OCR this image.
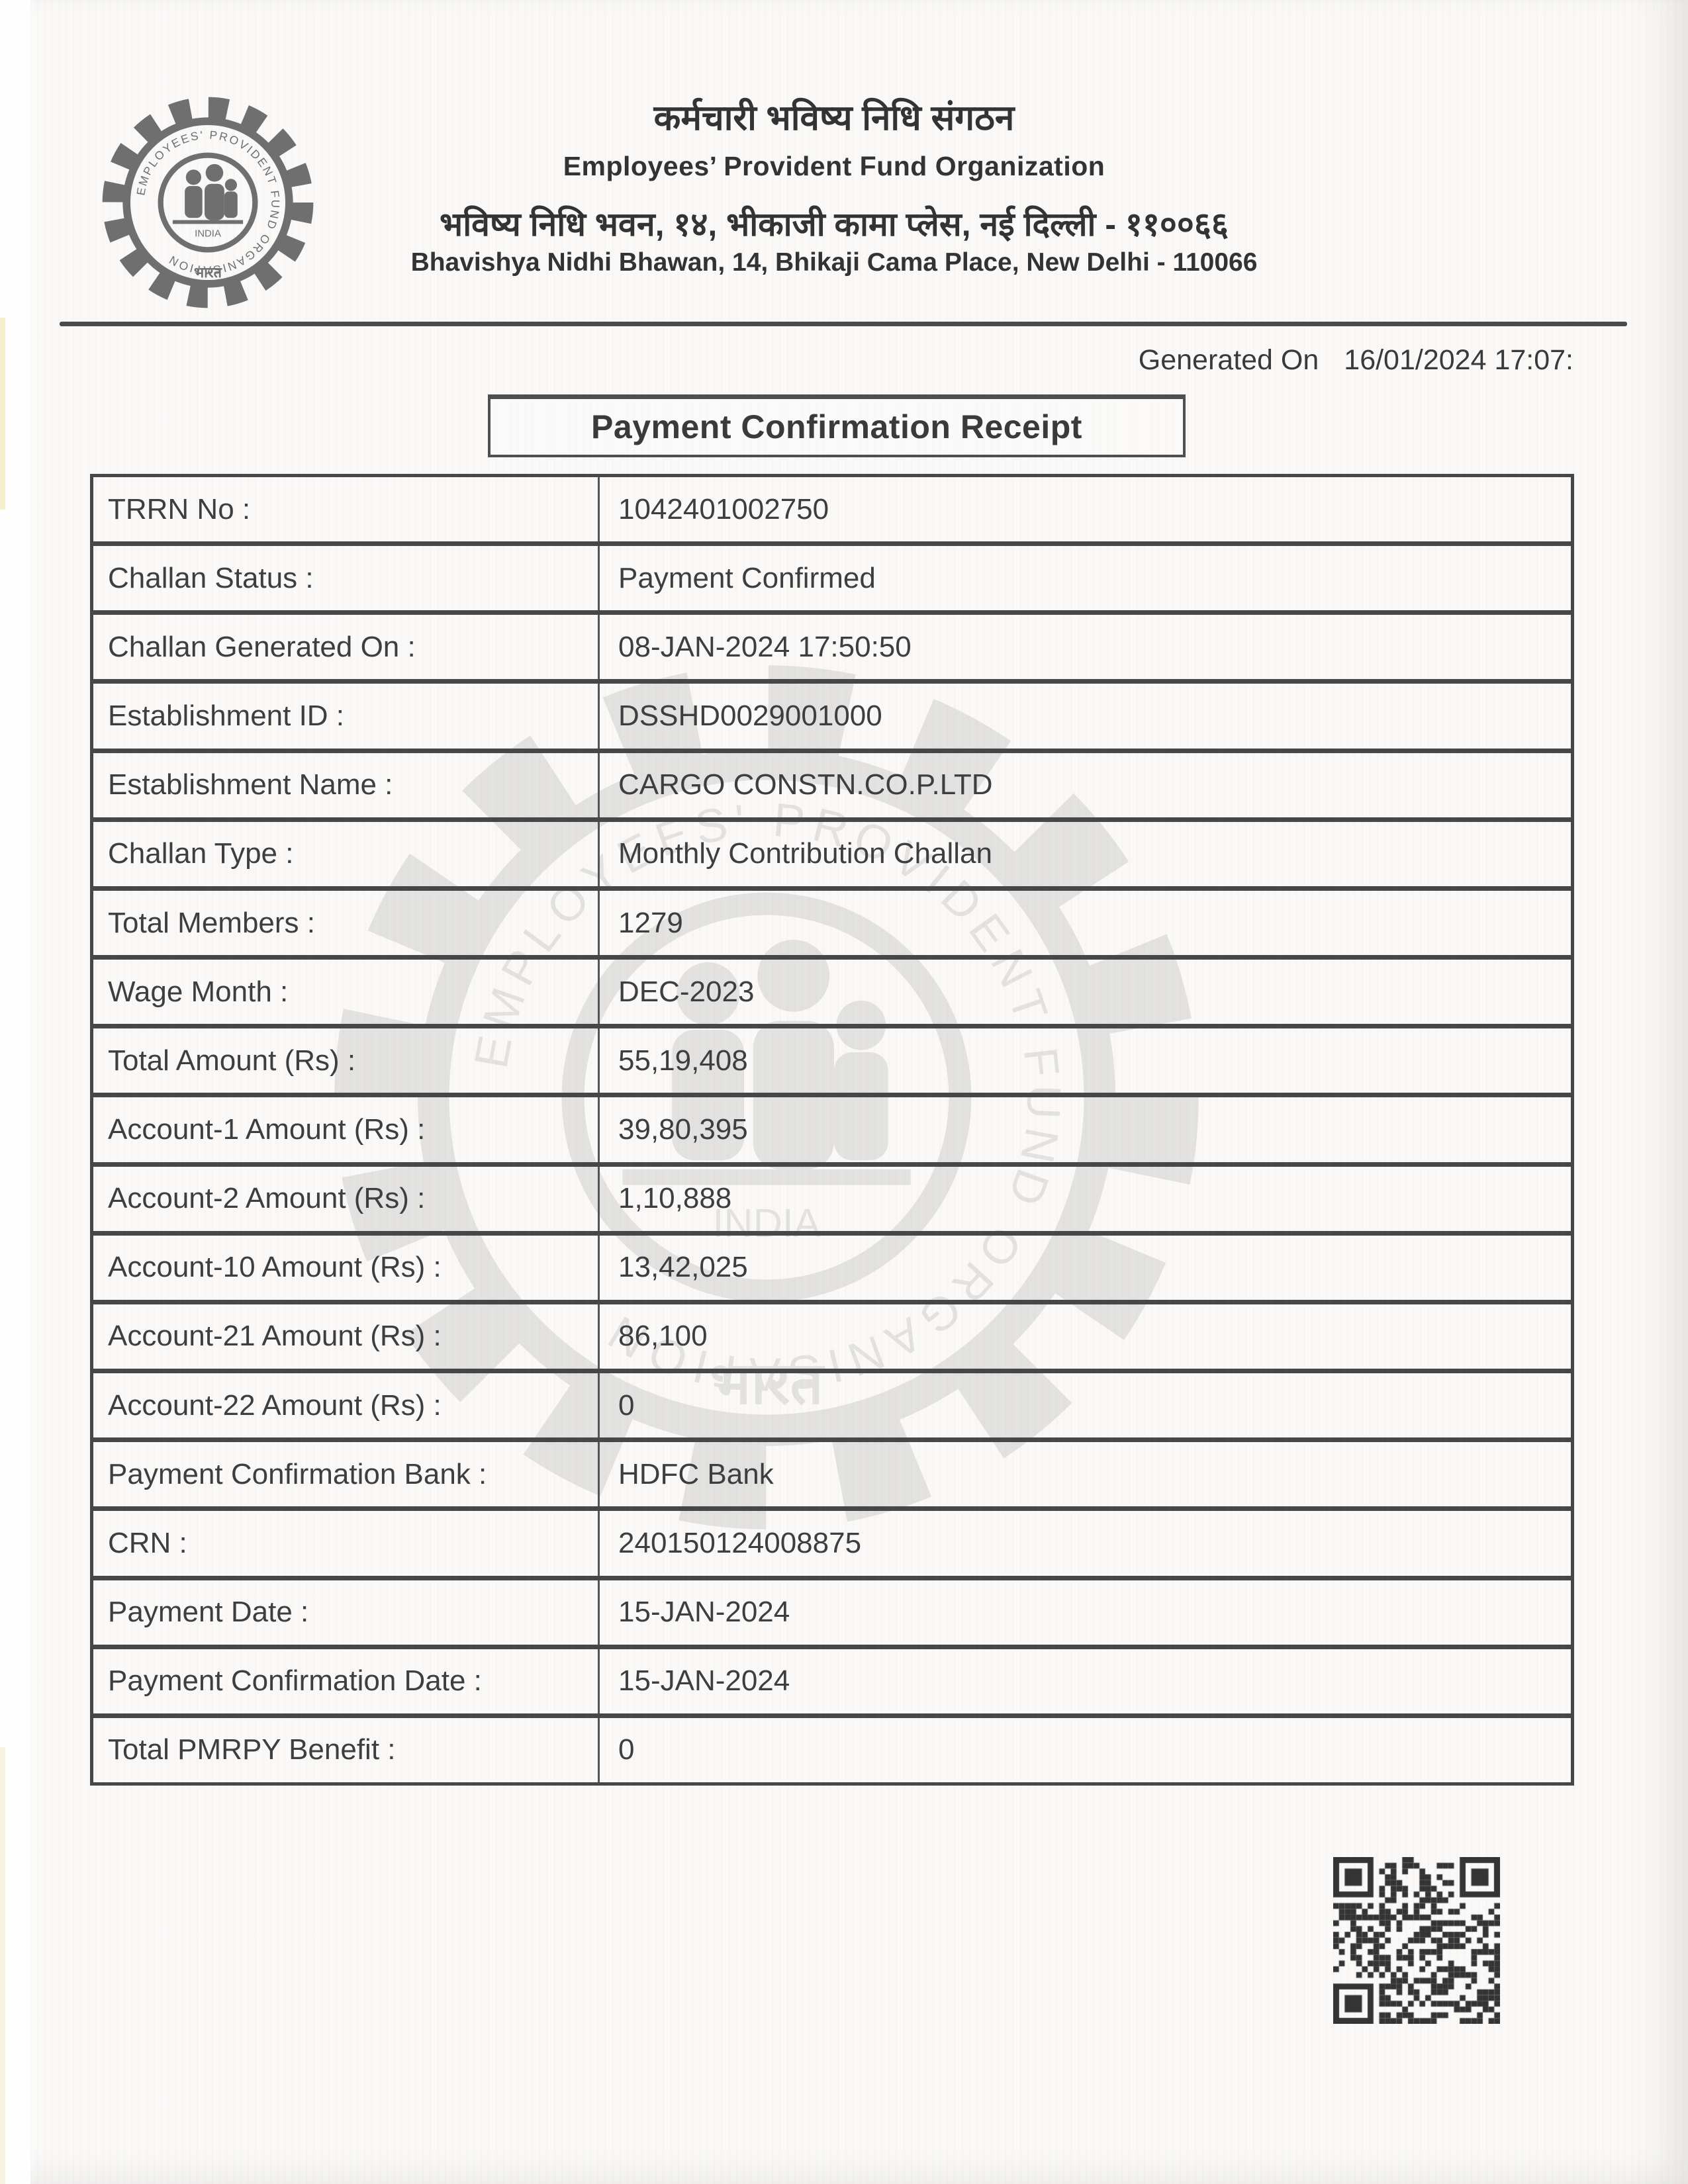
कर्मचारी भविष्य निधि संगठन
Employees’ Provident Fund Organization
भविष्य निधि भवन, १४, भीकाजी कामा प्लेस, नई दिल्ली - ११००६६
Bhavishya Nidhi Bhawan, 14, Bhikaji Cama Place, New Delhi - 110066
Generated On 16/01/2024 17:07:
Payment Confirmation Receipt
TRRN No :	1042401002750
Challan Status :	Payment Confirmed
Challan Generated On :	08-JAN-2024 17:50:50
Establishment ID :	DSSHD0029001000
Establishment Name :	CARGO CONSTN.CO.P.LTD
Challan Type :	Monthly Contribution Challan
Total Members :	1279
Wage Month :	DEC-2023
Total Amount (Rs) :	55,19,408
Account-1 Amount (Rs) :	39,80,395
Account-2 Amount (Rs) :	1,10,888
Account-10 Amount (Rs) :	13,42,025
Account-21 Amount (Rs) :	86,100
Account-22 Amount (Rs) :	0
Payment Confirmation Bank :	HDFC Bank
CRN :	240150124008875
Payment Date :	15-JAN-2024
Payment Confirmation Date :	15-JAN-2024
Total PMRPY Benefit :	0
